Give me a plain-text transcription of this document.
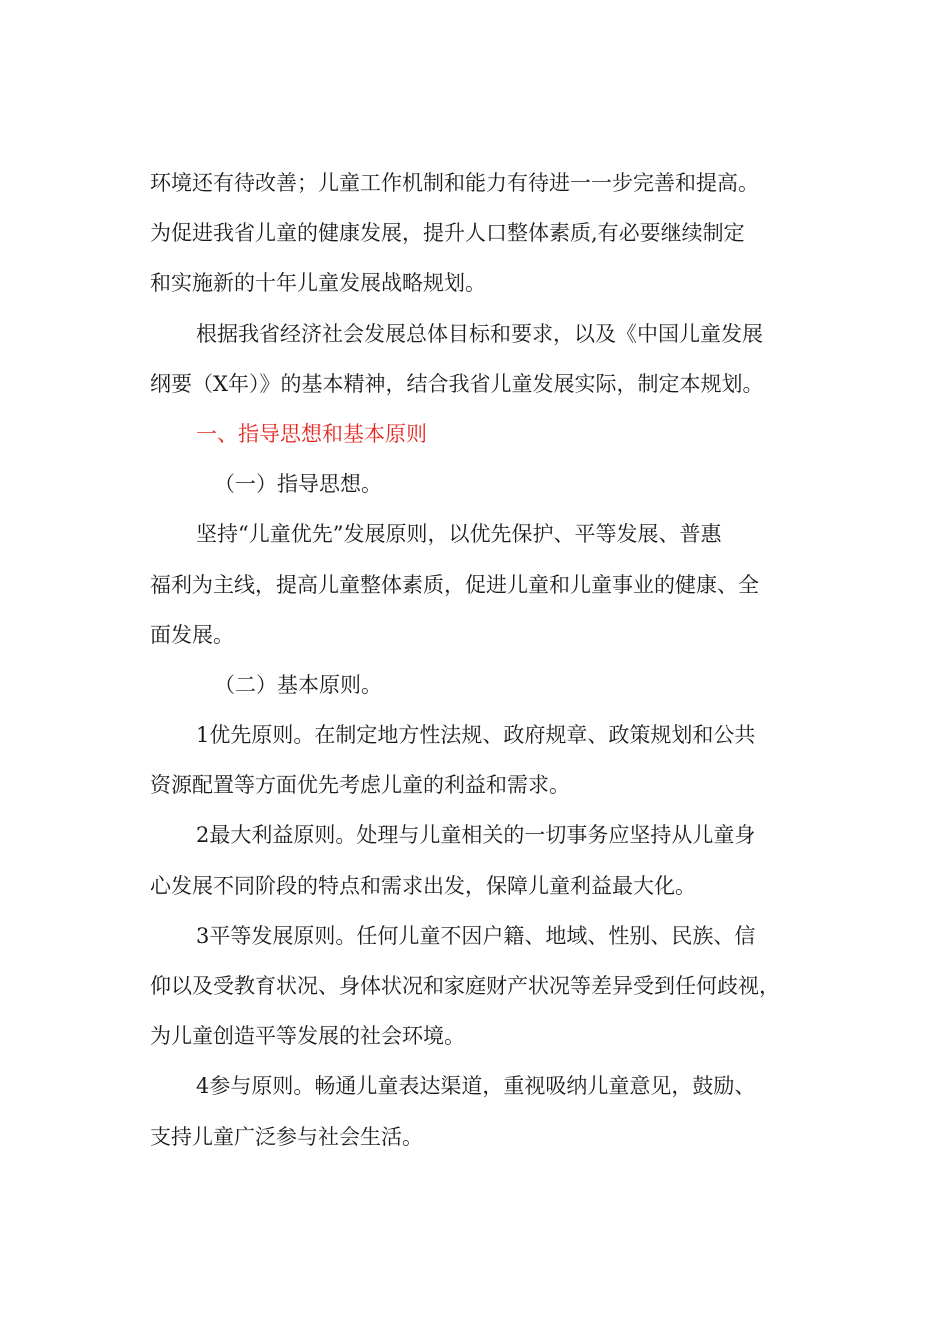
环境还有待改善；儿童工作机制和能力有待进一一步完善和提高。
为促进我省儿童的健康发展，提升人口整体素质,有必要继续制定
和实施新的十年儿童发展战略规划。
根据我省经济社会发展总体目标和要求，以及《中国儿童发展
纲要（X年）》的基本精神，结合我省儿童发展实际，制定本规划。
一、指导思想和基本原则
（一）指导思想。
坚持“儿童优先”发展原则，以优先保护、平等发展、普惠
福利为主线，提高儿童整体素质，促进儿童和儿童事业的健康、全
面发展。
（二）基本原则。
1优先原则。在制定地方性法规、政府规章、政策规划和公共
资源配置等方面优先考虑儿童的利益和需求。
2最大利益原则。处理与儿童相关的一切事务应坚持从儿童身
心发展不同阶段的特点和需求出发，保障儿童利益最大化。
3平等发展原则。任何儿童不因户籍、地域、性别、民族、信
仰以及受教育状况、身体状况和家庭财产状况等差异受到任何歧视，
为儿童创造平等发展的社会环境。
4参与原则。畅通儿童表达渠道，重视吸纳儿童意见，鼓励、
支持儿童广泛参与社会生活。
